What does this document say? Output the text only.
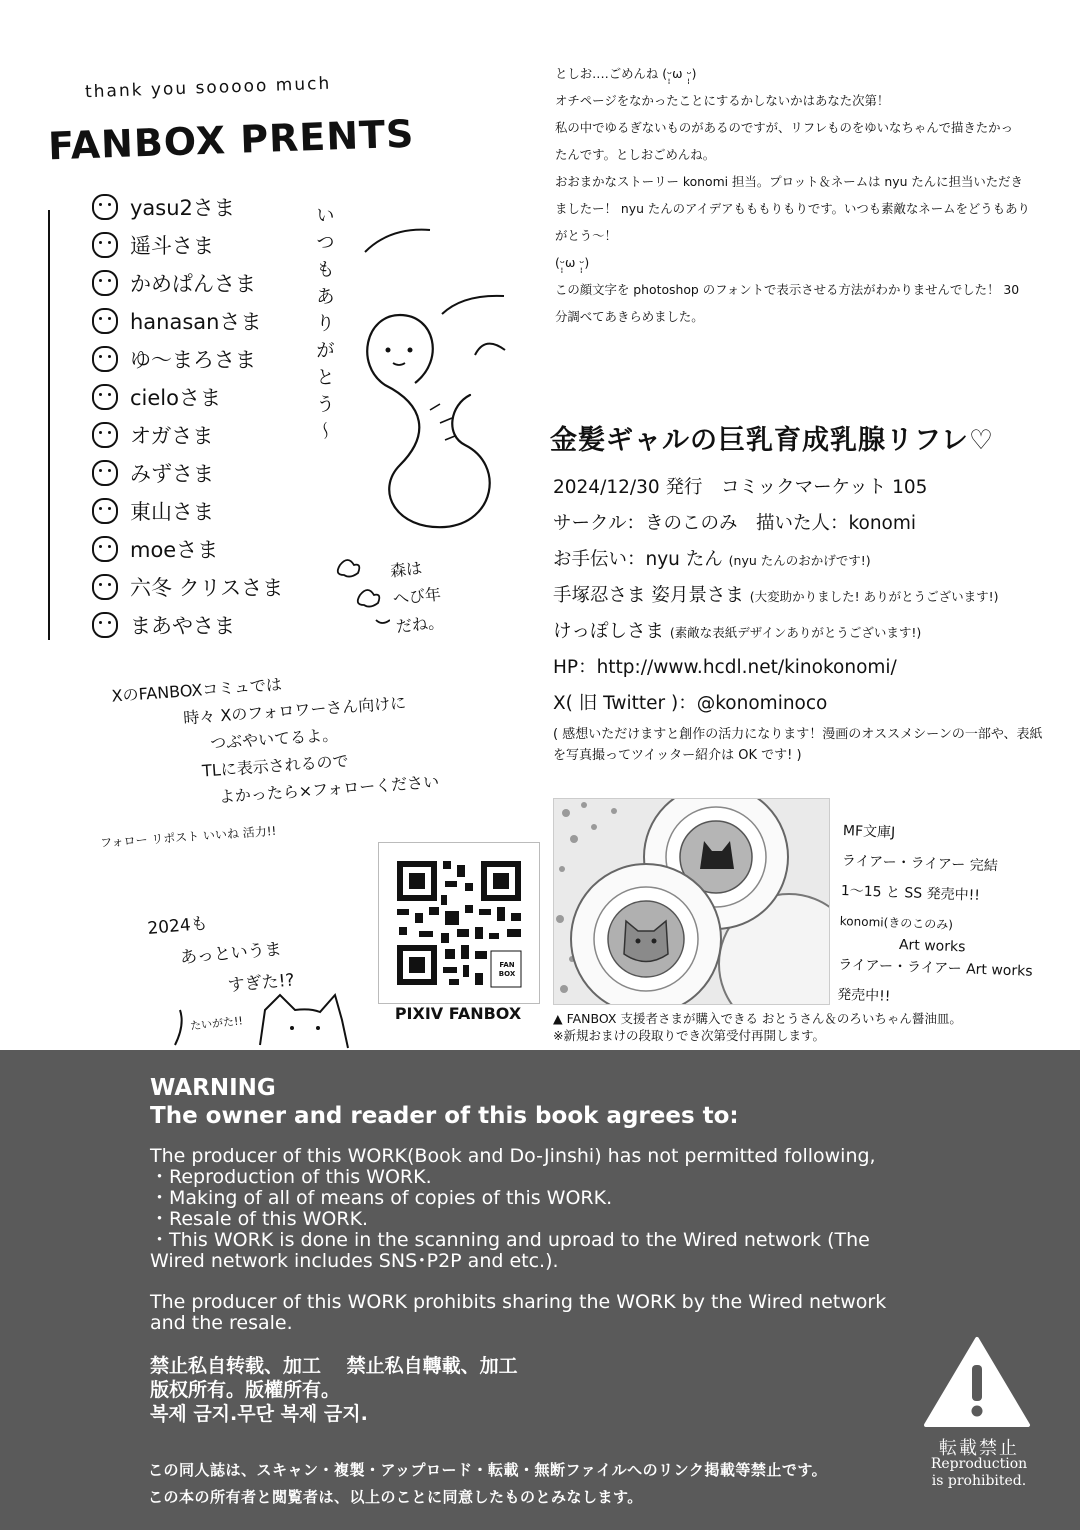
thank you sooooo much
FANBOX PRENTS
yasu2さま
遥斗さま
かめぱんさま
hanasanさま
ゆ〜まろさま
cieloさま
オガさま
みずさま
東山さま
moeさま
六冬 クリスさま
まあやさま
いつもありがとう〜
森は
へび年
だね。
XのFANBOXコミュでは
時々 Xのフォロワーさん向けに
つぶやいてるよ。
TLに表示されるので
よかったら×フォローください
フォロー リポスト いいね 活力!!
2024も
あっというま
すぎた!?
たいがた!!

としお‥‥ごめんね (ᵕ̩̩ω ᵕ̩̩)

オチページをなかったことにするかしないかはあなた次第！

私の中でゆるぎないものがあるのですが、リフレものをゆいなちゃんで描きたかっ

たんです。としおごめんね。

おおまかなストーリー konomi 担当。プロット＆ネームは nyu たんに担当いただき

ましたー！ nyu たんのアイデアもももりもりです。いつも素敵なネームをどうもあり

がとう〜！

(ᵕ̩̩ω ᵕ̩̩)

この顔文字を photoshop のフォントで表示させる方法がわかりませんでした！ 30

分調べてあきらめました。

金髪ギャルの巨乳育成乳腺リフレ♡
2024/12/30 発行　コミックマーケット 105
サークル：きのこのみ　描いた人：konomi
お手伝い：nyu たん (nyu たんのおかげです!)
手塚忍さま 姿月景さま (大変助かりました! ありがとうございます!)
けっぽしさま (素敵な表紙デザインありがとうございます!)
HP：http://www.hcdl.net/kinokonomi/
X( 旧 Twitter )：@konominoco
( 感想いただけますと創作の活力になります！漫画のオススメシーンの一部や、表紙を写真撮ってツイッター紹介は OK です! )
FAN BOX
PIXIV FANBOX
MF文庫J
ライアー・ライアー 完結
1〜15 と SS 発売中!!
konomi(きのこのみ)
Art works
ライアー・ライアー Art works
発売中!!
▲ FANBOX 支援者さまが購入できる おとうさん＆のろいちゃん醤油皿。
※新規おまけの段取りでき次第受付再開します。
WARNING
The owner and reader of this book agrees to:

The producer of this WORK(Book and Do-Jinshi) has not permitted following,

・Reproduction of this WORK.

・Making of all of means of copies of this WORK.

・Resale of this WORK.

・This WORK is done in the scanning and uproad to the Wired network (The

Wired network includes SNS･P2P and etc.).

The producer of this WORK prohibits sharing the WORK by the Wired network

and the resale.

禁止私自转载、加工　 禁止私自轉載、加工

版权所有。版權所有。

복제 금지.무단 복제 금지.

この同人誌は、スキャン・複製・アップロード・転載・無断ファイルへのリンク掲載等禁止です。
この本の所有者と閲覧者は、以上のことに同意したものとみなします。
転載禁止
Reproduction
is prohibited.
